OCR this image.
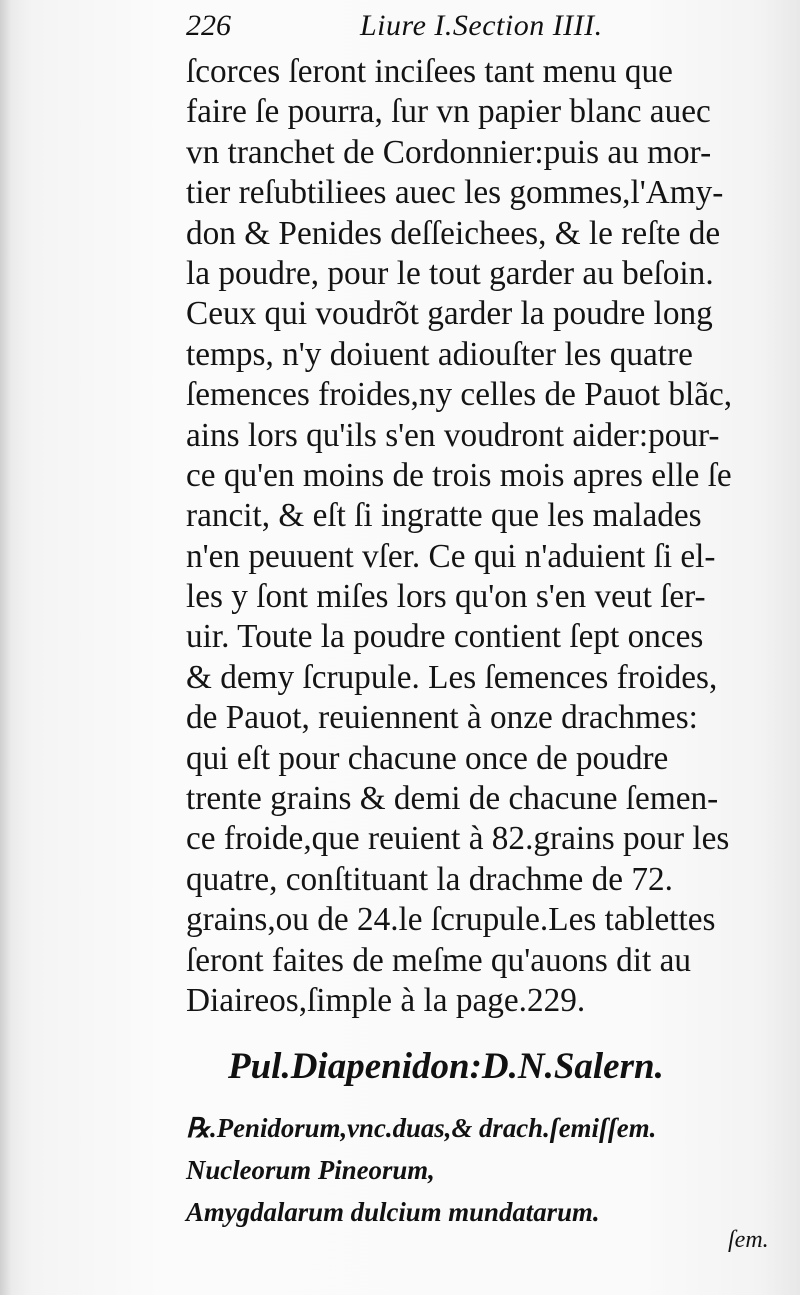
226	Liure I.Section IIII.
ſcorces ſeront inciſees tant menu que
faire ſe pourra, ſur vn papier blanc auec
vn tranchet de Cordonnier:puis au mor-
tier reſubtiliees auec les gommes,l'Amy-
don & Penides deſſeichees, & le reſte de
la poudre, pour le tout garder au beſoin.
Ceux qui voudrõt garder la poudre long
temps, n'y doiuent adiouſter les quatre
ſemences froides,ny celles de Pauot blãc,
ains lors qu'ils s'en voudront aider:pour-
ce qu'en moins de trois mois apres elle ſe
rancit, & eſt ſi ingratte que les malades
n'en peuuent vſer. Ce qui n'aduient ſi el-
les y ſont miſes lors qu'on s'en veut ſer-
uir. Toute la poudre contient ſept onces
& demy ſcrupule. Les ſemences froides,
de Pauot, reuiennent à onze drachmes:
qui eſt pour chacune once de poudre
trente grains & demi de chacune ſemen-
ce froide,que reuient à 82.grains pour les
quatre, conſtituant la drachme de 72.
grains,ou de 24.le ſcrupule.Les tablettes
ſeront faites de meſme qu'auons dit au
Diaireos,ſimple à la page.229.
Pul.Diapenidon:D.N.Salern.
℞.Penidorum,vnc.duas,& drach.ſemiſſem.
Nucleorum Pineorum,
Amygdalarum dulcium mundatarum.
ſem.
